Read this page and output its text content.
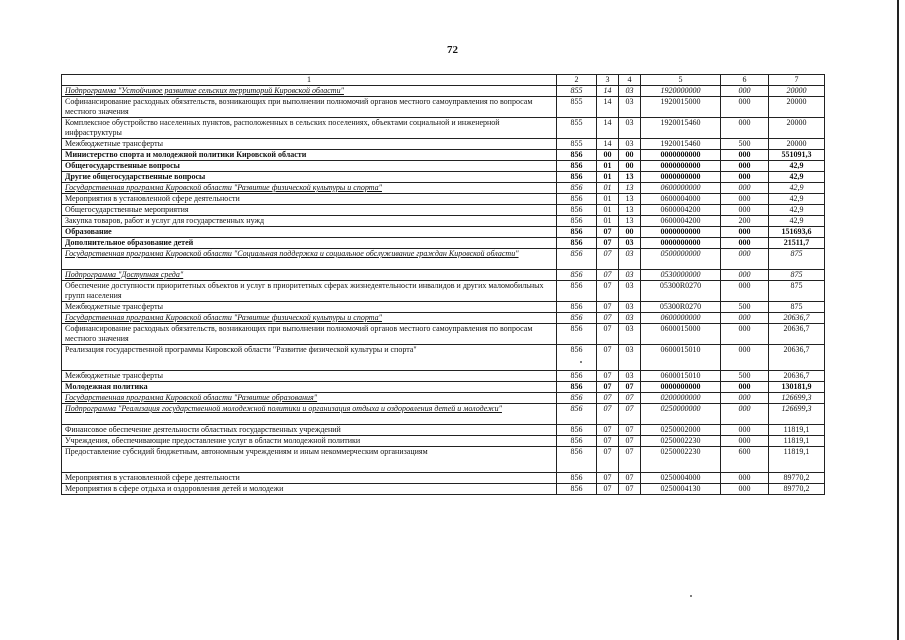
72
1	2	3	4	5	6	7
Подпрограмма "Устойчивое развитие сельских территорий Кировской области"	855	14	03	1920000000	000	20000
Софинансирование расходных обязательств, возникающих при выполнении полномочий органов местного самоуправления по вопросам местного значения	855	14	03	1920015000	000	20000
Комплексное обустройство населенных пунктов, расположенных в сельских поселениях, объектами социальной и инженерной инфраструктуры	855	14	03	1920015460	000	20000
Межбюджетные трансферты	855	14	03	1920015460	500	20000
Министерство спорта и молодежной политики Кировской области	856	00	00	0000000000	000	551091,3
Общегосударственные вопросы	856	01	00	0000000000	000	42,9
Другие общегосударственные вопросы	856	01	13	0000000000	000	42,9
Государственная программа Кировской области "Развитие физической культуры и спорта"	856	01	13	0600000000	000	42,9
Мероприятия в установленной сфере деятельности	856	01	13	0600004000	000	42,9
Общегосударственные мероприятия	856	01	13	0600004200	000	42,9
Закупка товаров, работ и услуг для государственных нужд	856	01	13	0600004200	200	42,9
Образование	856	07	00	0000000000	000	151693,6
Дополнительное образование детей	856	07	03	0000000000	000	21511,7
Государственная программа Кировской области "Социальная поддержка и социальное обслуживание граждан Кировской области"	856	07	03	0500000000	000	875
Подпрограмма "Доступная среда"	856	07	03	0530000000	000	875
Обеспечение доступности приоритетных объектов и услуг в приоритетных сферах жизнедеятельности инвалидов и других маломобильных групп населения	856	07	03	05300R0270	000	875
Межбюджетные трансферты	856	07	03	05300R0270	500	875
Государственная программа Кировской области "Развитие физической культуры и спорта"	856	07	03	0600000000	000	20636,7
Софинансирование расходных обязательств, возникающих при выполнении полномочий органов местного самоуправления по вопросам местного значения	856	07	03	0600015000	000	20636,7
Реализация государственной программы Кировской области "Развитие физической культуры и спорта"	856	07	03	0600015010	000	20636,7
Межбюджетные трансферты	856	07	03	0600015010	500	20636,7
Молодежная политика	856	07	07	0000000000	000	130181,9
Государственная программа Кировской области "Развитие образования"	856	07	07	0200000000	000	126699,3
Подпрограмма "Реализация государственной молодежной политики и организация отдыха и оздоровления детей и молодежи"	856	07	07	0250000000	000	126699,3
Финансовое обеспечение деятельности областных государственных учреждений	856	07	07	0250002000	000	11819,1
Учреждения, обеспечивающие предоставление услуг в области молодежной политики	856	07	07	0250002230	000	11819,1
Предоставление субсидий бюджетным, автономным учреждениям и иным некоммерческим организациям	856	07	07	0250002230	600	11819,1
Мероприятия в установленной сфере деятельности	856	07	07	0250004000	000	89770,2
Мероприятия в сфере отдыха и оздоровления детей и молодежи	856	07	07	0250004130	000	89770,2
